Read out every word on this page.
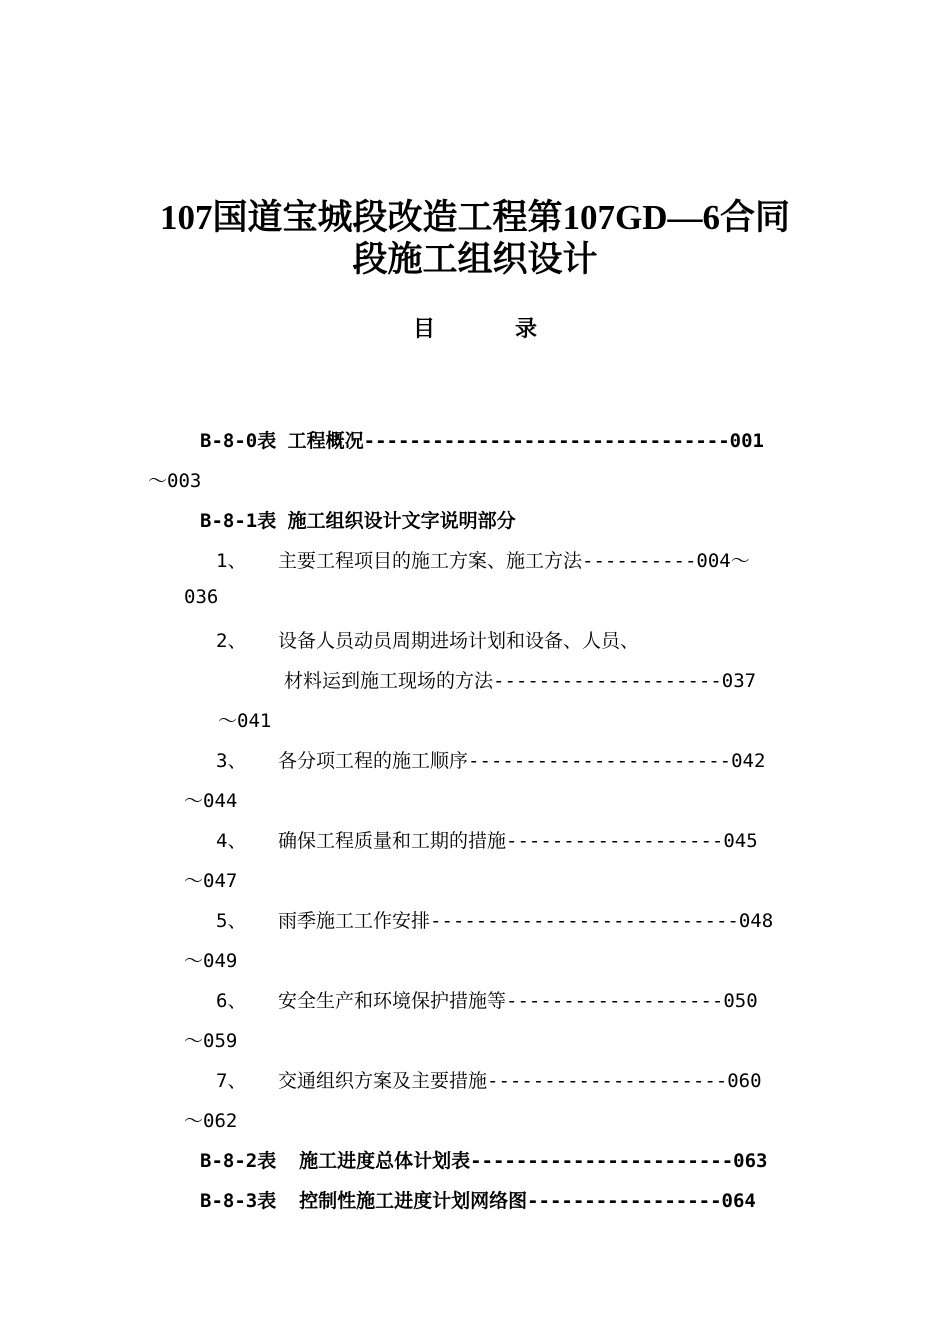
107国道宝城段改造工程第107GD—6合同
段施工组织设计
目	录
B-8-0表 工程概况--------------------------------001
～003
B-8-1表 施工组织设计文字说明部分
1、 主要工程项目的施工方案、施工方法----------004～
036
2、 设备人员动员周期进场计划和设备、人员、
材料运到施工现场的方法--------------------037
～041
3、 各分项工程的施工顺序-----------------------042
～044
4、 确保工程质量和工期的措施-------------------045
～047
5、 雨季施工工作安排---------------------------048
～049
6、 安全生产和环境保护措施等-------------------050
～059
7、 交通组织方案及主要措施---------------------060
～062
B-8-2表  施工进度总体计划表-----------------------063
B-8-3表  控制性施工进度计划网络图-----------------064
